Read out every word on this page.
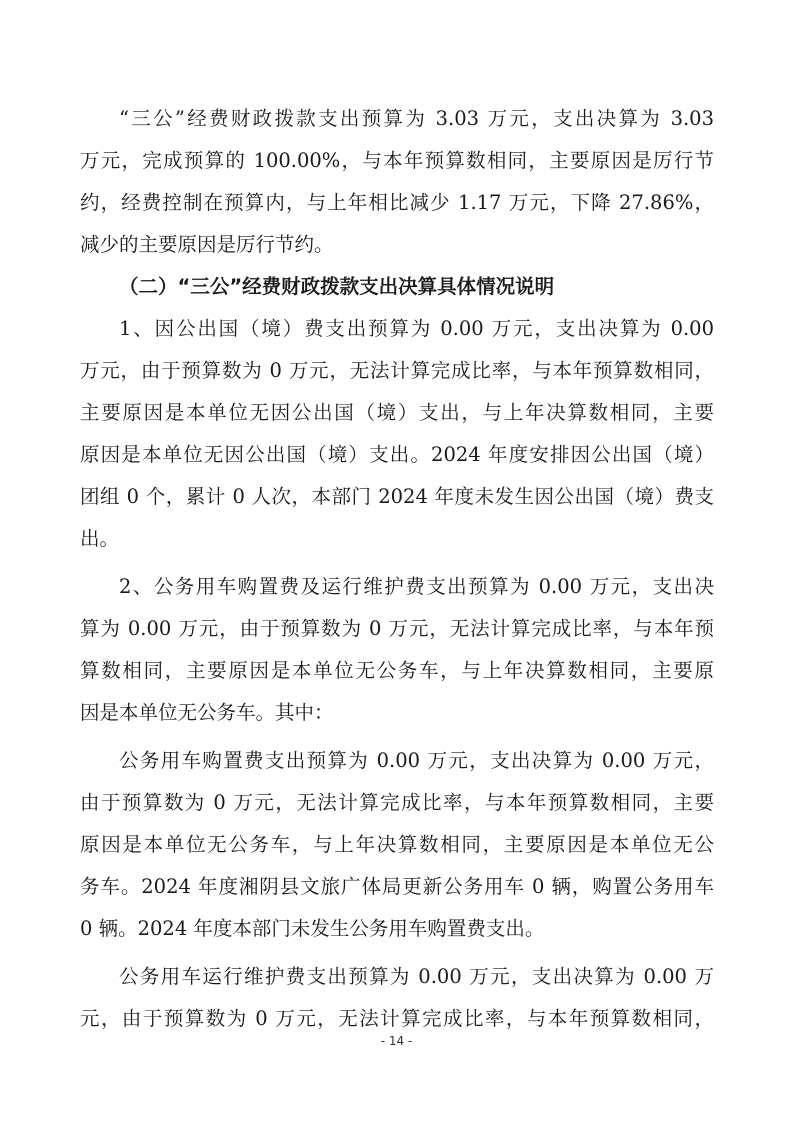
“三公”经费财政拨款支出预算为 3.03 万元，支出决算为 3.03
万元，完成预算的 100.00%，与本年预算数相同，主要原因是厉行节
约，经费控制在预算内，与上年相比减少 1.17 万元，下降 27.86%，
减少的主要原因是厉行节约。
（二）“三公”经费财政拨款支出决算具体情况说明
1、因公出国（境）费支出预算为 0.00 万元，支出决算为 0.00
万元，由于预算数为 0 万元，无法计算完成比率，与本年预算数相同，
主要原因是本单位无因公出国（境）支出，与上年决算数相同，主要
原因是本单位无因公出国（境）支出。2024 年度安排因公出国（境）
团组 0 个，累计 0 人次，本部门 2024 年度未发生因公出国（境）费支
出。
2、公务用车购置费及运行维护费支出预算为 0.00 万元，支出决
算为 0.00 万元，由于预算数为 0 万元，无法计算完成比率，与本年预
算数相同，主要原因是本单位无公务车，与上年决算数相同，主要原
因是本单位无公务车。其中：
公务用车购置费支出预算为 0.00 万元，支出决算为 0.00 万元，
由于预算数为 0 万元，无法计算完成比率，与本年预算数相同，主要
原因是本单位无公务车，与上年决算数相同，主要原因是本单位无公
务车。2024 年度湘阴县文旅广体局更新公务用车 0 辆，购置公务用车
0 辆。2024 年度本部门未发生公务用车购置费支出。
公务用车运行维护费支出预算为 0.00 万元，支出决算为 0.00 万
元，由于预算数为 0 万元，无法计算完成比率，与本年预算数相同，
- 14 -
